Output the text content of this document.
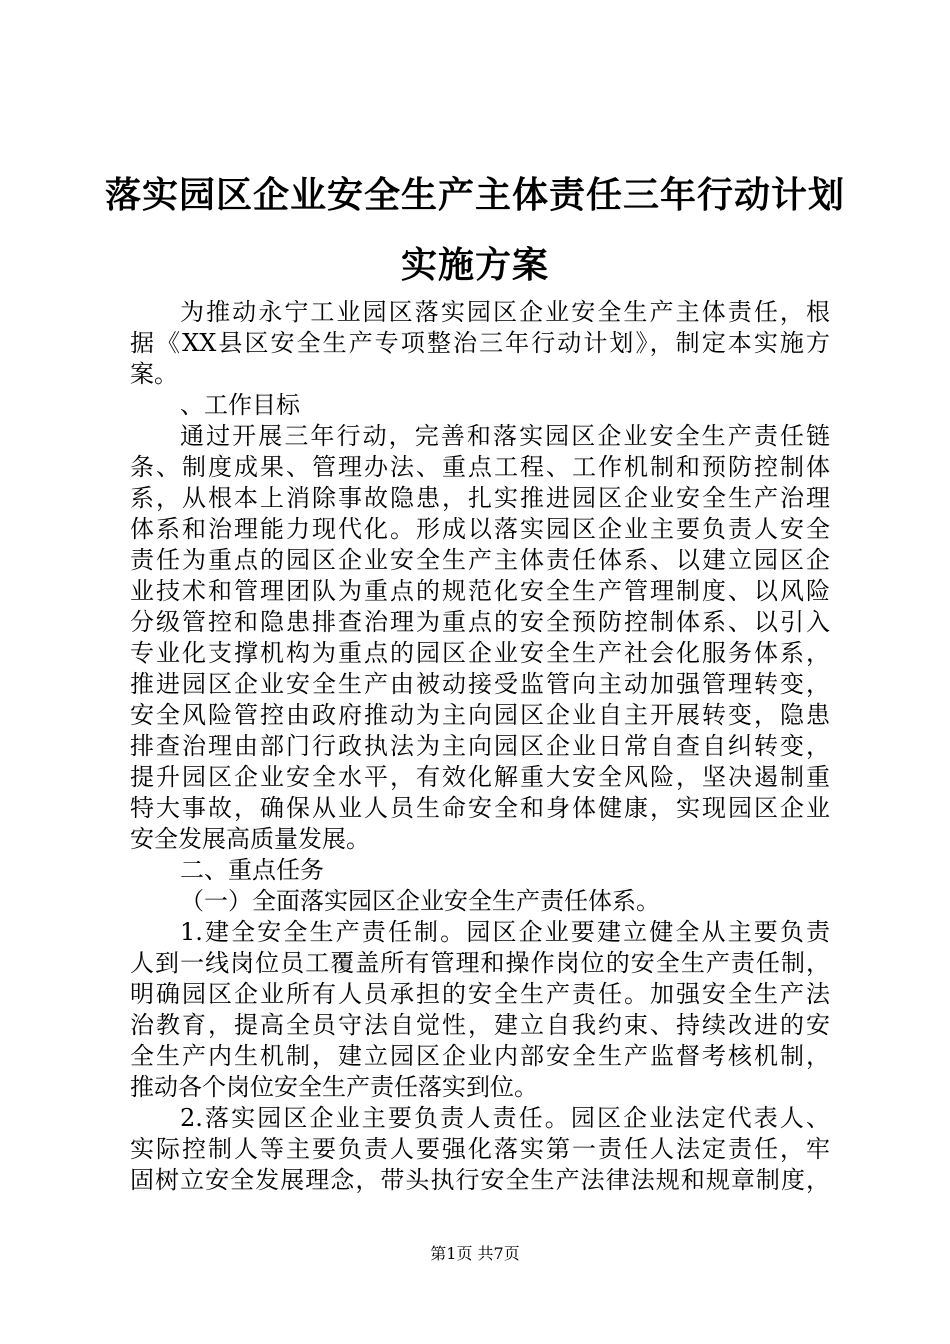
落实园区企业安全生产主体责任三年行动计划
实施方案
为推动永宁工业园区落实园区企业安全生产主体责任，根
据《XX县区安全生产专项整治三年行动计划》，制定本实施方
案。
、工作目标
通过开展三年行动，完善和落实园区企业安全生产责任链
条、制度成果、管理办法、重点工程、工作机制和预防控制体
系，从根本上消除事故隐患，扎实推进园区企业安全生产治理
体系和治理能力现代化。形成以落实园区企业主要负责人安全
责任为重点的园区企业安全生产主体责任体系、以建立园区企
业技术和管理团队为重点的规范化安全生产管理制度、以风险
分级管控和隐患排查治理为重点的安全预防控制体系、以引入
专业化支撑机构为重点的园区企业安全生产社会化服务体系，
推进园区企业安全生产由被动接受监管向主动加强管理转变，
安全风险管控由政府推动为主向园区企业自主开展转变，隐患
排查治理由部门行政执法为主向园区企业日常自查自纠转变，
提升园区企业安全水平，有效化解重大安全风险，坚决遏制重
特大事故，确保从业人员生命安全和身体健康，实现园区企业
安全发展高质量发展。
二、重点任务
（一）全面落实园区企业安全生产责任体系。
1.建全安全生产责任制。园区企业要建立健全从主要负责
人到一线岗位员工覆盖所有管理和操作岗位的安全生产责任制，
明确园区企业所有人员承担的安全生产责任。加强安全生产法
治教育，提高全员守法自觉性，建立自我约束、持续改进的安
全生产内生机制，建立园区企业内部安全生产监督考核机制，
推动各个岗位安全生产责任落实到位。
2.落实园区企业主要负责人责任。园区企业法定代表人、
实际控制人等主要负责人要强化落实第一责任人法定责任，牢
固树立安全发展理念，带头执行安全生产法律法规和规章制度，
第1页 共7页
